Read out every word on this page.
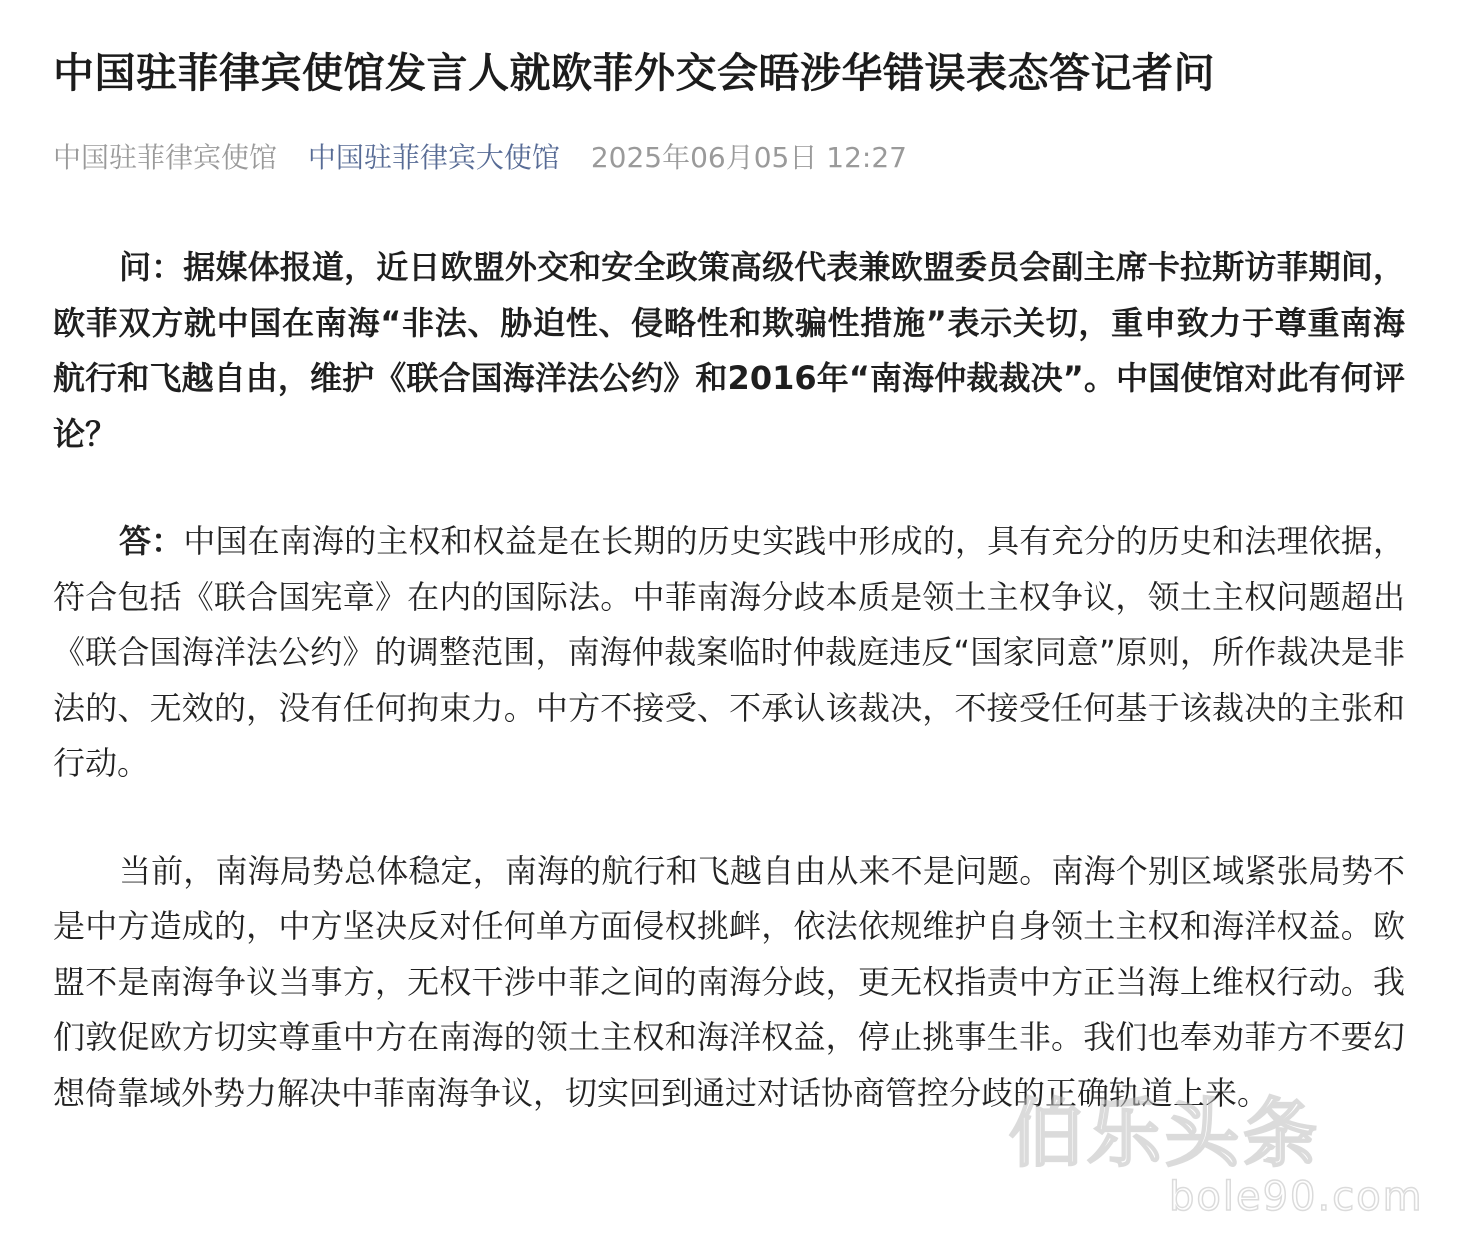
中国驻菲律宾使馆发言人就欧菲外交会晤涉华错误表态答记者问
中国驻菲律宾使馆 中国驻菲律宾大使馆 2025年06月05日 12:27

问：据媒体报道，近日欧盟外交和安全政策高级代表兼欧盟委员会副主席卡拉斯访菲期间，欧菲双方就中国在南海“非法、胁迫性、侵略性和欺骗性措施”表示关切，重申致力于尊重南海航行和飞越自由，维护《联合国海洋法公约》和2016年“南海仲裁裁决”。中国使馆对此有何评论？

答：中国在南海的主权和权益是在长期的历史实践中形成的，具有充分的历史和法理依据，符合包括《联合国宪章》在内的国际法。中菲南海分歧本质是领土主权争议，领土主权问题超出《联合国海洋法公约》的调整范围，南海仲裁案临时仲裁庭违反“国家同意”原则，所作裁决是非法的、无效的，没有任何拘束力。中方不接受、不承认该裁决，不接受任何基于该裁决的主张和行动。

当前，南海局势总体稳定，南海的航行和飞越自由从来不是问题。南海个别区域紧张局势不是中方造成的，中方坚决反对任何单方面侵权挑衅，依法依规维护自身领土主权和海洋权益。欧盟不是南海争议当事方，无权干涉中菲之间的南海分歧，更无权指责中方正当海上维权行动。我们敦促欧方切实尊重中方在南海的领土主权和海洋权益，停止挑事生非。我们也奉劝菲方不要幻想倚靠域外势力解决中菲南海争议，切实回到通过对话协商管控分歧的正确轨道上来。

伯乐头条
bole90.com
